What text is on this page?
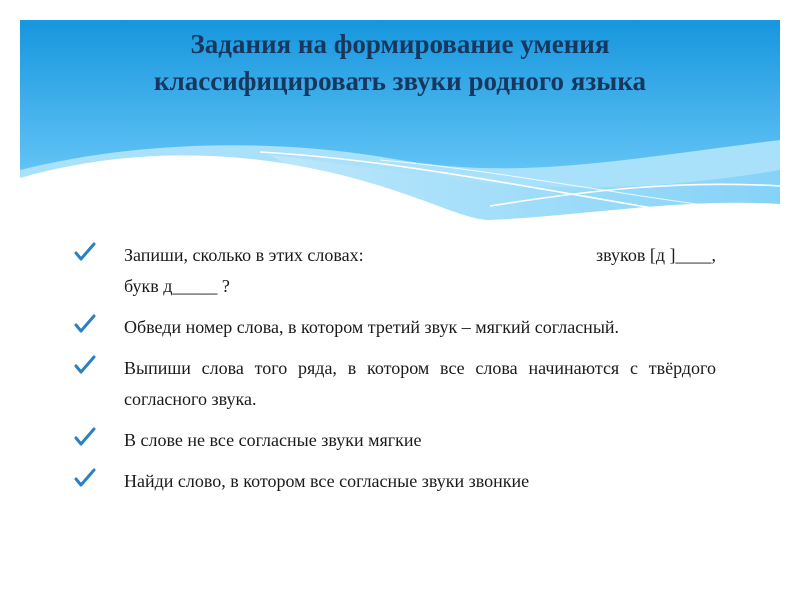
Задания на формирование умения
классифицировать звуки родного языка
Запиши, сколько в этих словах:	звуков [д ]____,
букв д_____ ?
Обведи номер слова, в котором третий звук – мягкий согласный.
Выпиши слова того ряда, в котором все слова начинаются с твёрдого согласного звука.
В слове не все согласные звуки мягкие
Найди слово, в котором все согласные звуки звонкие
